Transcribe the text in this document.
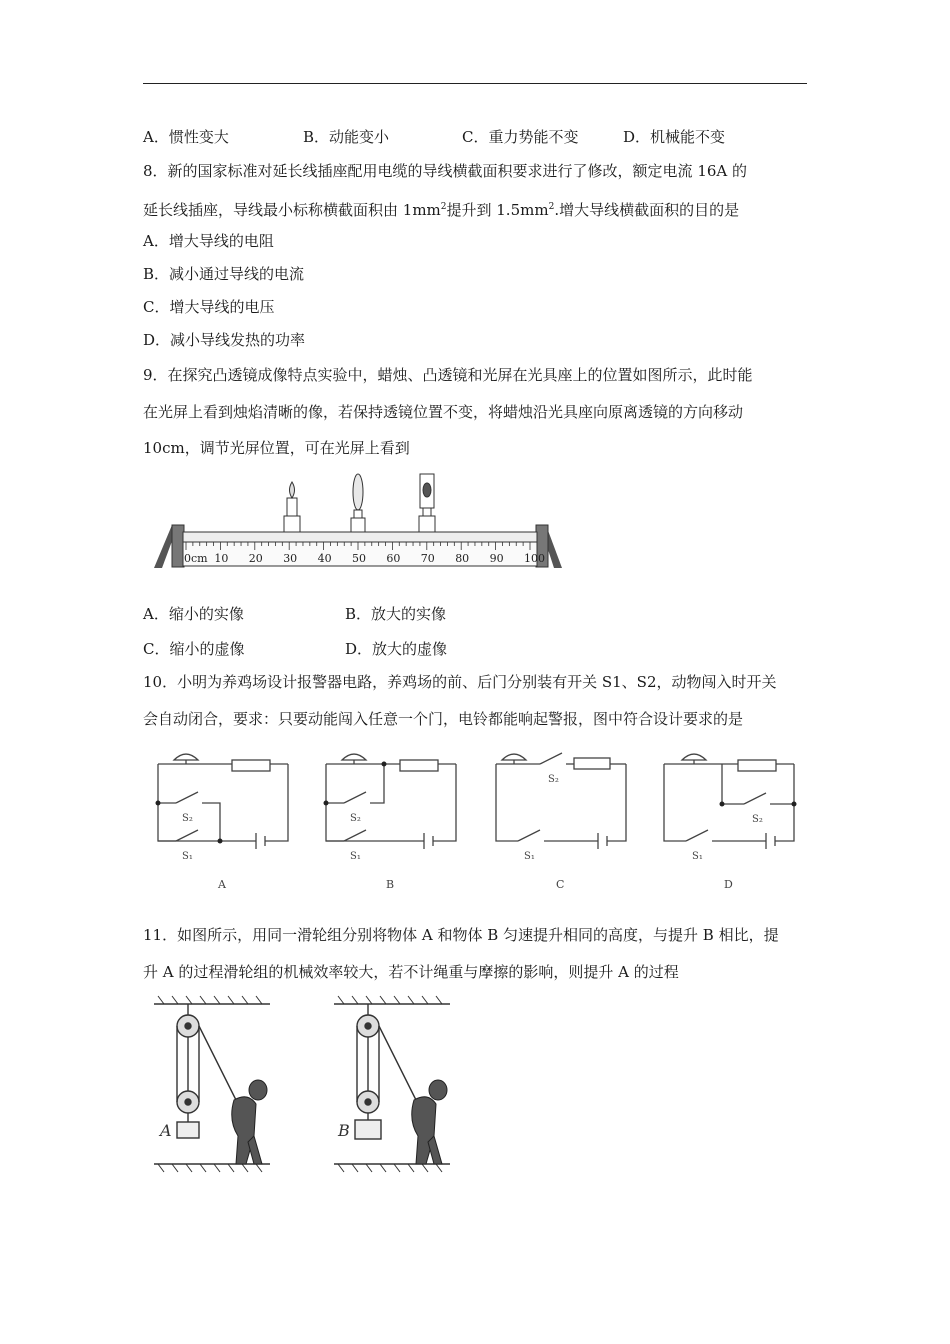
A．惯性变大	B．动能变小	C．重力势能不变	D．机械能不变
8．新的国家标准对延长线插座配用电缆的导线横截面积要求进行了修改，额定电流 16A 的
延长线插座，导线最小标称横截面积由 $1mm^2$提升到 $1.5mm^2$.增大导线横截面积的目的是
A．增大导线的电阻
B．减小通过导线的电流
C．增大导线的电压
D．减小导线发热的功率
9．在探究凸透镜成像特点实验中，蜡烛、凸透镜和光屏在光具座上的位置如图所示，此时能
在光屏上看到烛焰清晰的像，若保持透镜位置不变，将蜡烛沿光具座向原离透镜的方向移动
10cm，调节光屏位置，可在光屏上看到
0cm 10 20 30 40 50 60 70 80 90 100
A．缩小的实像	B．放大的实像
C．缩小的虚像	D．放大的虚像
10．小明为养鸡场设计报警器电路，养鸡场的前、后门分别装有开关 S1、S2，动物闯入时开关
会自动闭合，要求：只要动能闯入任意一个门，电铃都能响起警报，图中符合设计要求的是
S₂
S₁
A
S₂
S₁
B
S₂
S₁
C
S₂
S₁
D
11．如图所示，用同一滑轮组分别将物体 A 和物体 B 匀速提升相同的高度，与提升 B 相比，提
升 A 的过程滑轮组的机械效率较大，若不计绳重与摩擦的影响，则提升 A 的过程
A	B
